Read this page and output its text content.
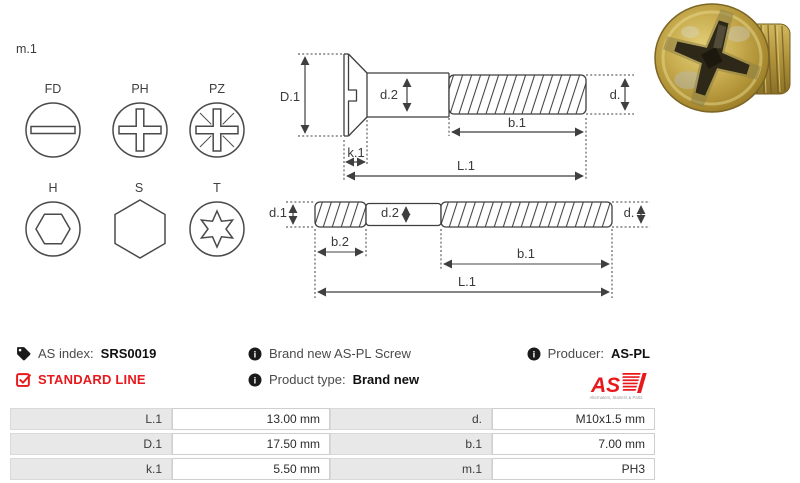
m.1
FD	PH	PZ
H	S	T
D.1	d.2	d.
b.1
k.1
L.1
d.1	d.2	d.
b.2
b.1
L.1
AS index: SRS0019
STANDARD LINE
i Brand new AS-PL Screw
i Product type: Brand new
i Producer: AS-PL
AS
Alternators, Starters & Parts
L.1	13.00 mm	d.	M10x1.5 mm
D.1	17.50 mm	b.1	7.00 mm
k.1	5.50 mm	m.1	PH3
